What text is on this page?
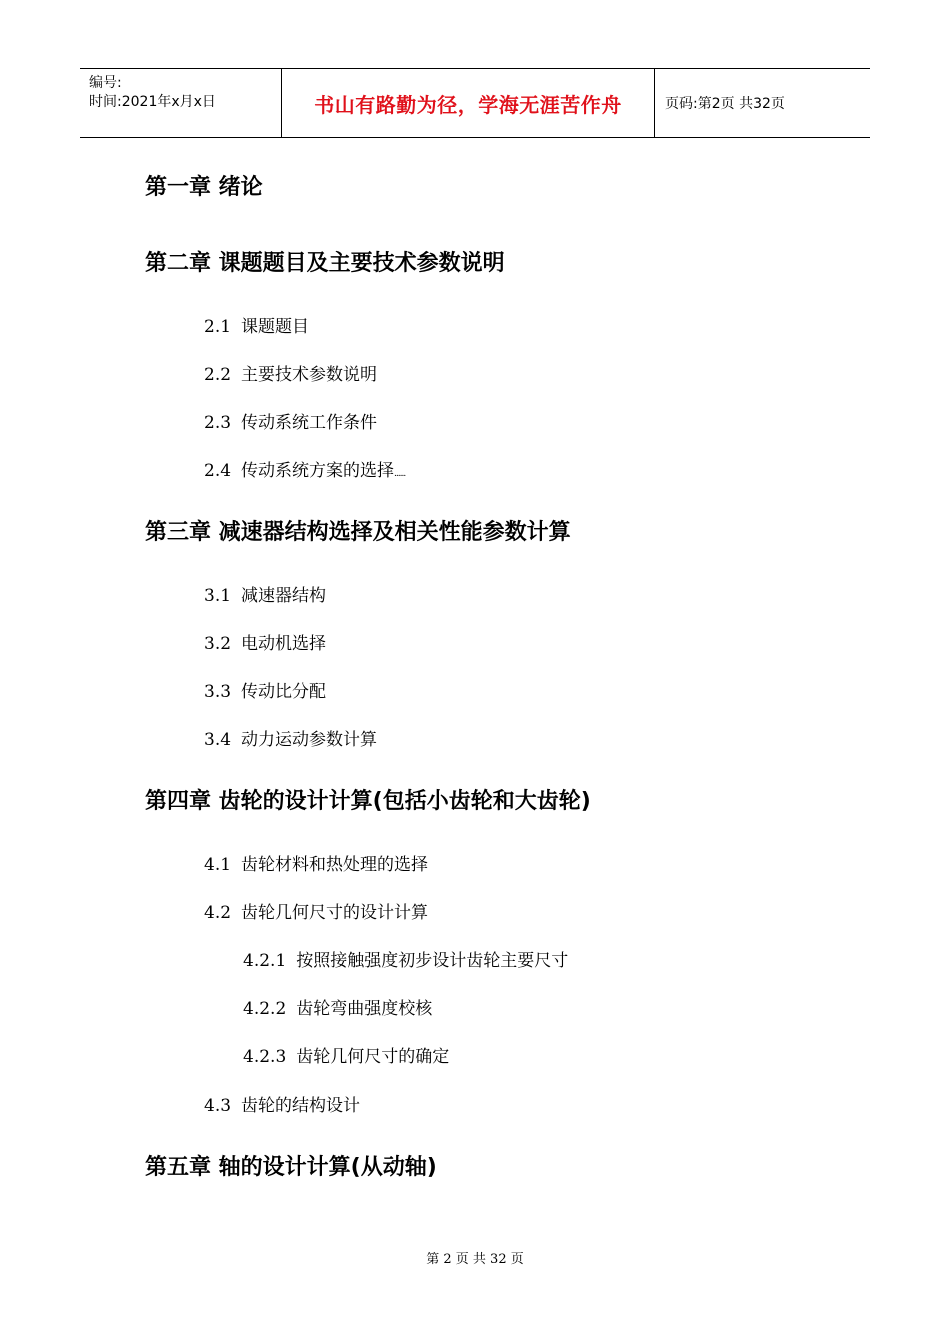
编号:
时间:2021年x月x日	书山有路勤为径，学海无涯苦作舟	页码:第2页 共32页
第一章 绪论
第二章 课题题目及主要技术参数说明
2.1 课题题目
2.2 主要技术参数说明
2.3 传动系统工作条件
2.4 传动系统方案的选择......
第三章 减速器结构选择及相关性能参数计算
3.1 减速器结构
3.2 电动机选择
3.3 传动比分配
3.4 动力运动参数计算
第四章 齿轮的设计计算(包括小齿轮和大齿轮)
4.1 齿轮材料和热处理的选择
4.2 齿轮几何尺寸的设计计算
4.2.1 按照接触强度初步设计齿轮主要尺寸
4.2.2 齿轮弯曲强度校核
4.2.3 齿轮几何尺寸的确定
4.3 齿轮的结构设计
第五章 轴的设计计算(从动轴)
第 2 页 共 32 页
